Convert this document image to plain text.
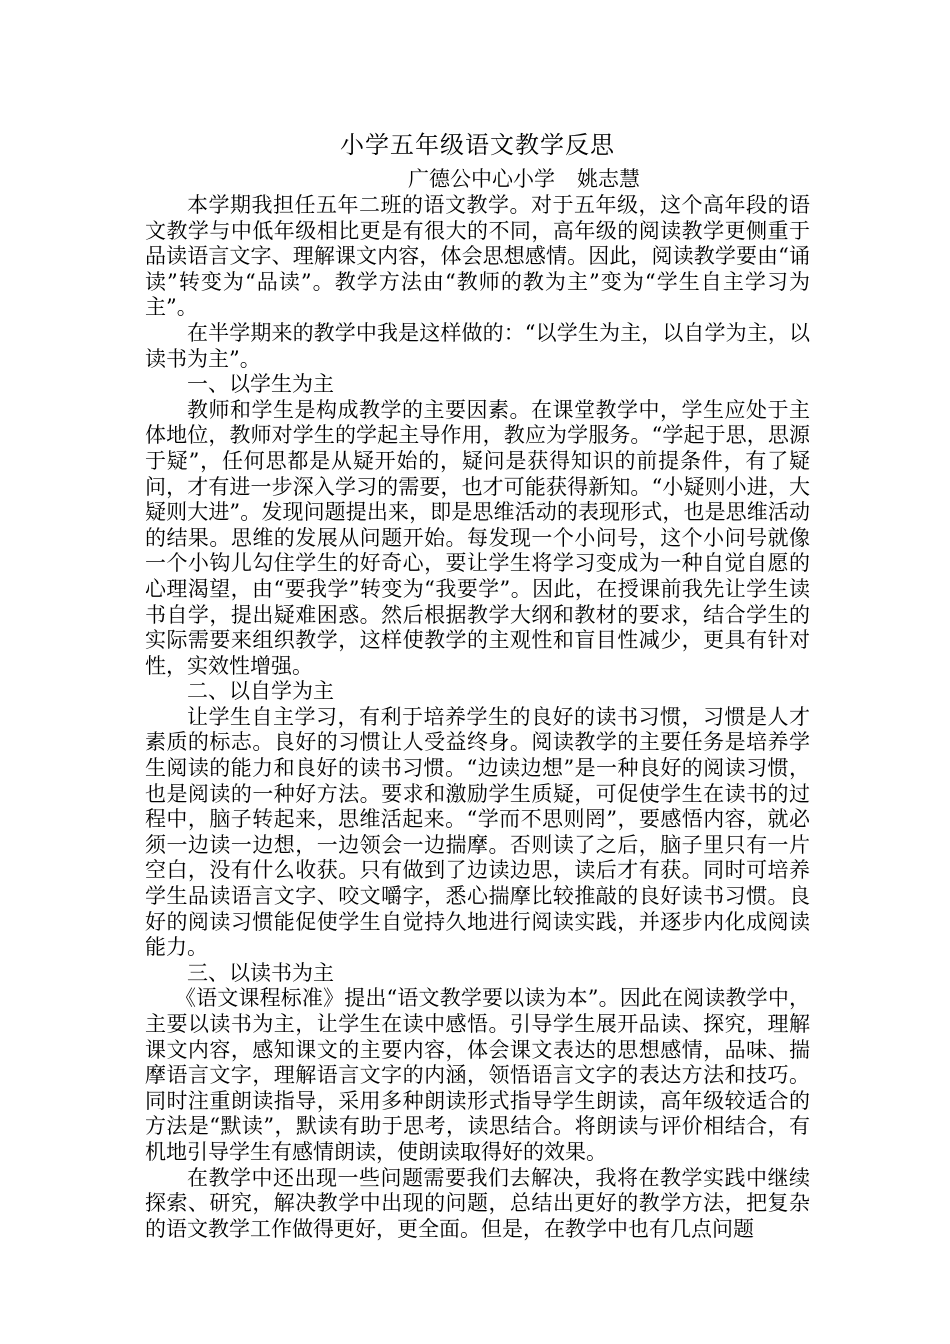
小学五年级语文教学反思
广德公中心小学 姚志慧

本学期我担任五年二班的语文教学。对于五年级，这个高年段的语文教学与中低年级相比更是有很大的不同，高年级的阅读教学更侧重于品读语言文字、理解课文内容，体会思想感情。因此，阅读教学要由“诵读”转变为“品读”。教学方法由“教师的教为主”变为“学生自主学习为主”。

在半学期来的教学中我是这样做的：“以学生为主，以自学为主，以读书为主”。

一、以学生为主

教师和学生是构成教学的主要因素。在课堂教学中，学生应处于主体地位，教师对学生的学起主导作用，教应为学服务。“学起于思，思源于疑”，任何思都是从疑开始的，疑问是获得知识的前提条件，有了疑问，才有进一步深入学习的需要，也才可能获得新知。“小疑则小进，大疑则大进”。发现问题提出来，即是思维活动的表现形式，也是思维活动的结果。思维的发展从问题开始。每发现一个小问号，这个小问号就像一个小钩儿勾住学生的好奇心，要让学生将学习变成为一种自觉自愿的心理渴望，由“要我学”转变为“我要学”。因此，在授课前我先让学生读书自学，提出疑难困惑。然后根据教学大纲和教材的要求，结合学生的实际需要来组织教学，这样使教学的主观性和盲目性减少，更具有针对性，实效性增强。

二、以自学为主

让学生自主学习，有利于培养学生的良好的读书习惯，习惯是人才素质的标志。良好的习惯让人受益终身。阅读教学的主要任务是培养学生阅读的能力和良好的读书习惯。“边读边想”是一种良好的阅读习惯，也是阅读的一种好方法。要求和激励学生质疑，可促使学生在读书的过程中，脑子转起来，思维活起来。“学而不思则罔”，要感悟内容，就必须一边读一边想，一边领会一边揣摩。否则读了之后，脑子里只有一片空白，没有什么收获。只有做到了边读边思，读后才有获。同时可培养学生品读语言文字、咬文嚼字，悉心揣摩比较推敲的良好读书习惯。良好的阅读习惯能促使学生自觉持久地进行阅读实践，并逐步内化成阅读能力。

三、以读书为主

《语文课程标准》提出“语文教学要以读为本”。因此在阅读教学中，主要以读书为主，让学生在读中感悟。引导学生展开品读、探究，理解课文内容，感知课文的主要内容，体会课文表达的思想感情，品味、揣摩语言文字，理解语言文字的内涵，领悟语言文字的表达方法和技巧。同时注重朗读指导，采用多种朗读形式指导学生朗读，高年级较适合的方法是“默读”，默读有助于思考，读思结合。将朗读与评价相结合，有机地引导学生有感情朗读，使朗读取得好的效果。

在教学中还出现一些问题需要我们去解决，我将在教学实践中继续探索、研究，解决教学中出现的问题，总结出更好的教学方法，把复杂的语文教学工作做得更好，更全面。但是，在教学中也有几点问题
